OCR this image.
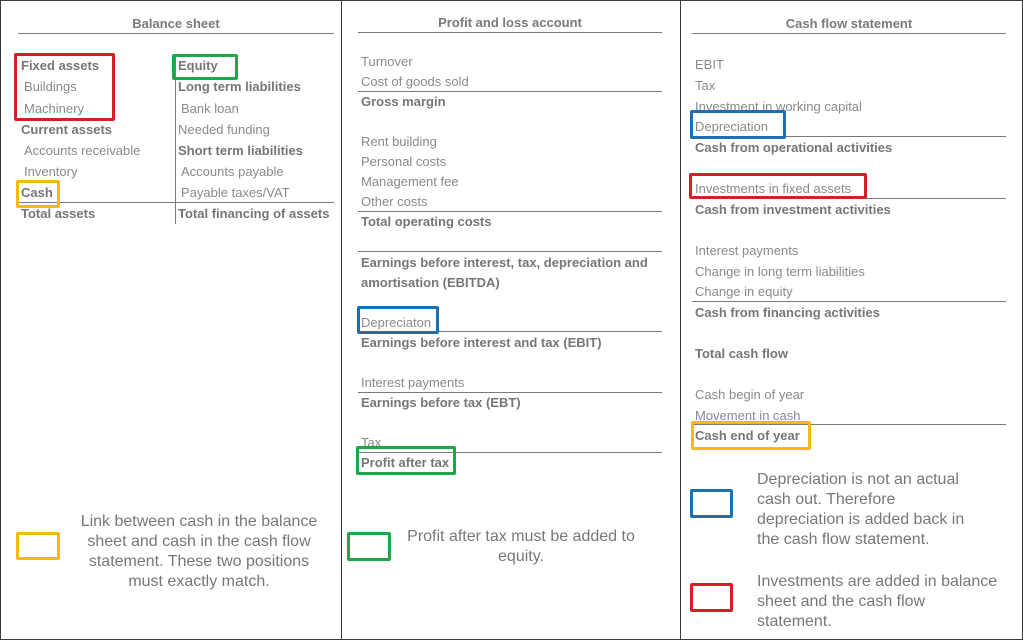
Balance sheet
Fixed assets
Buildings
Machinery
Current assets
Accounts receivable
Inventory
Cash
Total assets
Equity
Long term liabilities
Bank loan
Needed funding
Short term liabilities
Accounts payable
Payable taxes/VAT
Total financing of assets
Profit and loss account
Turnover
Cost of goods sold
Gross margin
Rent building
Personal costs
Management fee
Other costs
Total operating costs
Earnings before interest, tax, depreciation and
amortisation (EBITDA)
Depreciaton
Earnings before interest and tax (EBIT)
Interest payments
Earnings before tax (EBT)
Tax
Profit after tax
Cash flow statement
EBIT
Tax
Investment in working capital
Depreciation
Cash from operational activities
Investments in fixed assets
Cash from investment activities
Interest payments
Change in long term liabilities
Change in equity
Cash from financing activities
Total cash flow
Cash begin of year
Movement in cash
Cash end of year
Link between cash in the balance
sheet and cash in the cash flow
statement. These two positions
must exactly match.
Profit after tax must be added to
equity.
Depreciation is not an actual
cash out. Therefore
depreciation is added back in
the cash flow statement.
Investments are added in balance
sheet and the cash flow
statement.
